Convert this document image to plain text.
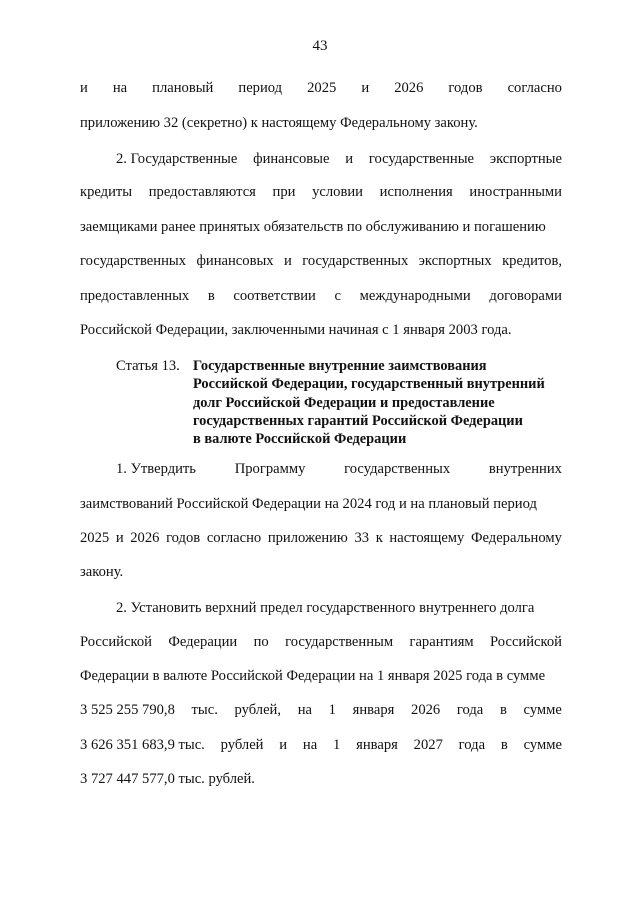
43
и на плановый период 2025 и 2026 годов согласно
приложению 32 (секретно) к настоящему Федеральному закону.
2. Государственные финансовые и государственные экспортные
кредиты предоставляются при условии исполнения иностранными
заемщиками ранее принятых обязательств по обслуживанию и погашению
государственных финансовых и государственных экспортных кредитов,
предоставленных в соответствии с международными договорами
Российской Федерации, заключенными начиная с 1 января 2003 года.
Статья 13. Государственные внутренние заимствования
Российской Федерации, государственный внутренний
долг Российской Федерации и предоставление
государственных гарантий Российской Федерации
в валюте Российской Федерации
1. Утвердить	Программу	государственных	внутренних
заимствований Российской Федерации на 2024 год и на плановый период
2025 и 2026 годов согласно приложению 33 к настоящему Федеральному
закону.
2. Установить верхний предел государственного внутреннего долга
Российской Федерации по государственным гарантиям Российской
Федерации в валюте Российской Федерации на 1 января 2025 года в сумме
3 525 255 790,8 тыс. рублей, на 1 января 2026 года в сумме
3 626 351 683,9 тыс. рублей и на 1 января 2027 года в сумме
3 727 447 577,0 тыс. рублей.
